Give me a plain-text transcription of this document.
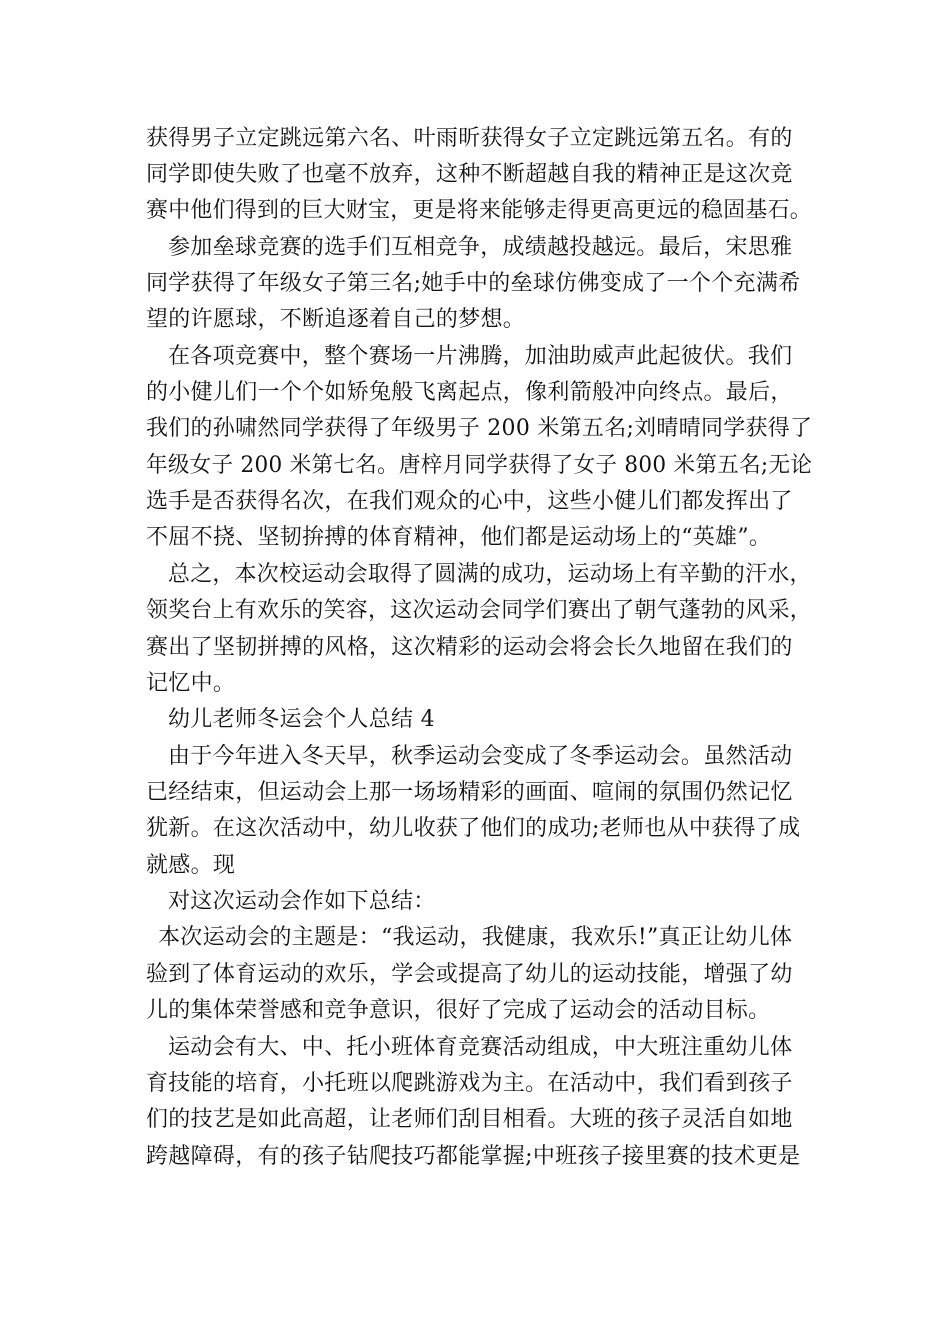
获得男子立定跳远第六名、叶雨昕获得女子立定跳远第五名。有的
同学即使失败了也毫不放弃，这种不断超越自我的精神正是这次竞
赛中他们得到的巨大财宝，更是将来能够走得更高更远的稳固基石。
参加垒球竞赛的选手们互相竞争，成绩越投越远。最后，宋思雅
同学获得了年级女子第三名;她手中的垒球仿佛变成了一个个充满希
望的许愿球，不断追逐着自己的梦想。
在各项竞赛中，整个赛场一片沸腾，加油助威声此起彼伏。我们
的小健儿们一个个如矫兔般飞离起点，像利箭般冲向终点。最后，
我们的孙啸然同学获得了年级男子 200 米第五名;刘晴晴同学获得了
年级女子 200 米第七名。唐梓月同学获得了女子 800 米第五名;无论
选手是否获得名次，在我们观众的心中，这些小健儿们都发挥出了
不屈不挠、坚韧拚搏的体育精神，他们都是运动场上的“英雄”。
总之，本次校运动会取得了圆满的成功，运动场上有辛勤的汗水，
领奖台上有欢乐的笑容，这次运动会同学们赛出了朝气蓬勃的风采，
赛出了坚韧拼搏的风格，这次精彩的运动会将会长久地留在我们的
记忆中。
幼儿老师冬运会个人总结 4
由于今年进入冬天早，秋季运动会变成了冬季运动会。虽然活动
已经结束，但运动会上那一场场精彩的画面、喧闹的氛围仍然记忆
犹新。在这次活动中，幼儿收获了他们的成功;老师也从中获得了成
就感。现
对这次运动会作如下总结：
本次运动会的主题是：“我运动，我健康，我欢乐!”真正让幼儿体
验到了体育运动的欢乐，学会或提高了幼儿的运动技能，增强了幼
儿的集体荣誉感和竞争意识，很好了完成了运动会的活动目标。
运动会有大、中、托小班体育竞赛活动组成，中大班注重幼儿体
育技能的培育，小托班以爬跳游戏为主。在活动中，我们看到孩子
们的技艺是如此高超，让老师们刮目相看。大班的孩子灵活自如地
跨越障碍，有的孩子钻爬技巧都能掌握;中班孩子接里赛的技术更是
